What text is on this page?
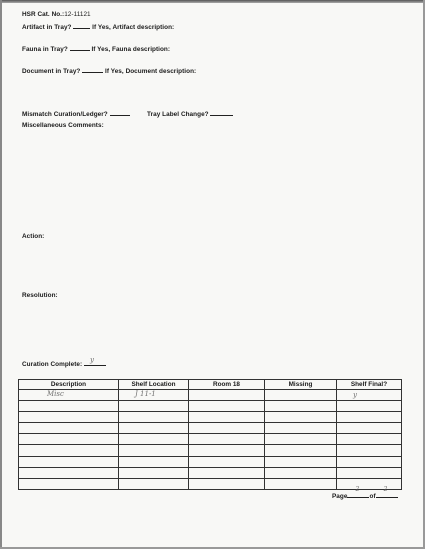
HSR Cat. No.:12-11121
Artifact in Tray?	If Yes, Artifact description:
Fauna in Tray?	If Yes, Fauna description:
Document in Tray?	If Yes, Document description:
Mismatch Curation/Ledger?	Tray Label Change?
Miscellaneous Comments:
Action:
Resolution:
Curation Complete:
y
Description	Shelf Location	Room 18	Missing	Shelf Final?

Misc	J 11-1			y

Page
2
of
2
